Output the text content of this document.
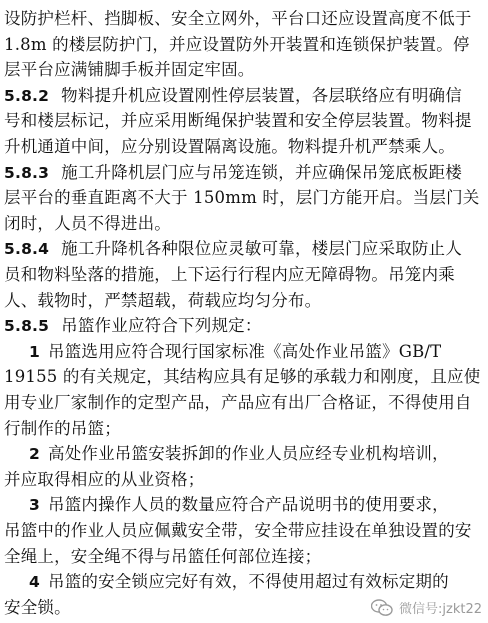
设防护栏杆、挡脚板、安全立网外，平台口还应设置高度不低于
1.8m 的楼层防护门，并应设置防外开装置和连锁保护装置。停
层平台应满铺脚手板并固定牢固。
5.8.2 物料提升机应设置刚性停层装置，各层联络应有明确信
号和楼层标记，并应采用断绳保护装置和安全停层装置。物料提
升机通道中间，应分别设置隔离设施。物料提升机严禁乘人。
5.8.3 施工升降机层门应与吊笼连锁，并应确保吊笼底板距楼
层平台的垂直距离不大于 150mm 时，层门方能开启。当层门关
闭时，人员不得进出。
5.8.4 施工升降机各种限位应灵敏可靠，楼层门应采取防止人
员和物料坠落的措施，上下运行行程内应无障碍物。吊笼内乘
人、载物时，严禁超载，荷载应均匀分布。
5.8.5 吊篮作业应符合下列规定：
1 吊篮选用应符合现行国家标准《高处作业吊篮》GB/T
19155 的有关规定，其结构应具有足够的承载力和刚度，且应使
用专业厂家制作的定型产品，产品应有出厂合格证，不得使用自
行制作的吊篮；
2 高处作业吊篮安装拆卸的作业人员应经专业机构培训，
并应取得相应的从业资格；
3 吊篮内操作人员的数量应符合产品说明书的使用要求，
吊篮中的作业人员应佩戴安全带，安全带应挂设在单独设置的安
全绳上，安全绳不得与吊篮任何部位连接；
4 吊篮的安全锁应完好有效，不得使用超过有效标定期的
安全锁。	微信号:jzkt22
